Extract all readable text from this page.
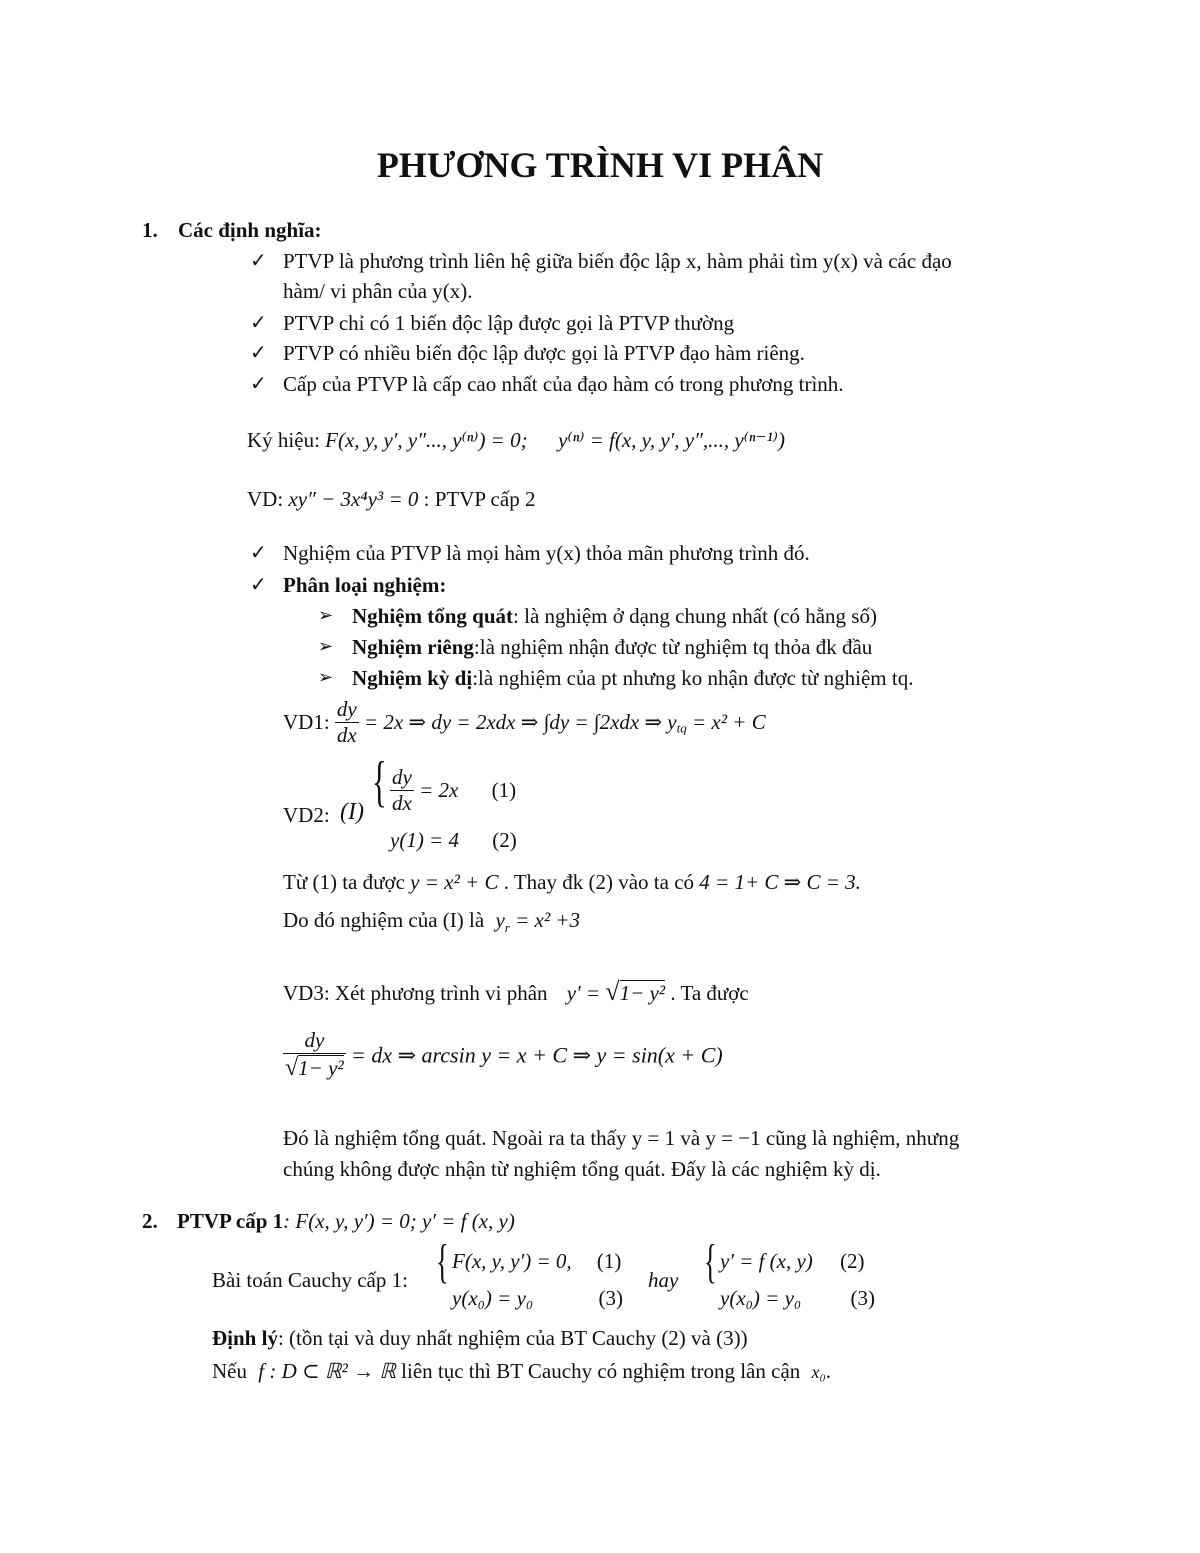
PHƯƠNG TRÌNH VI PHÂN
1. Các định nghĩa:
✓ PTVP là phương trình liên hệ giữa biến độc lập x, hàm phải tìm y(x) và các đạo
hàm/ vi phân của y(x).
✓ PTVP chỉ có 1 biến độc lập được gọi là PTVP thường
✓ PTVP có nhiều biến độc lập được gọi là PTVP đạo hàm riêng.
✓ Cấp của PTVP là cấp cao nhất của đạo hàm có trong phương trình.
Ký hiệu: F(x, y, y′, y″..., y⁽ⁿ⁾) = 0; y⁽ⁿ⁾ = f(x, y, y′, y″,..., y⁽ⁿ⁻¹⁾)
VD: xy″ − 3x⁴y³ = 0 : PTVP cấp 2
✓ Nghiệm của PTVP là mọi hàm y(x) thỏa mãn phương trình đó.
✓ Phân loại nghiệm:
➢ Nghiệm tổng quát: là nghiệm ở dạng chung nhất (có hằng số)
➢ Nghiệm riêng:là nghiệm nhận được từ nghiệm tq thỏa đk đầu
➢ Nghiệm kỳ dị:là nghiệm của pt nhưng ko nhận được từ nghiệm tq.
VD1: $\frac{dy}{dx} = 2x$ ⇒ dy = 2xdx ⇒ ∫dy = ∫2xdx ⇒ $y_{tq} = x^2 + C$
VD2: (I) { $\frac{dy}{dx} = 2x$ (1)
y(1) = 4 (2)
Từ (1) ta được y = x² + C . Thay đk (2) vào ta có 4 = 1+ C ⇒ C = 3.
Do đó nghiệm của (I) là $y_r = x^2 +3$
VD3: Xét phương trình vi phân y' = √1− y² . Ta được
$\frac{dy}{\text{√1− y²}}$ = dx ⇒ arcsin y = x + C ⇒ y = sin(x + C)
Đó là nghiệm tổng quát. Ngoài ra ta thấy y = 1 và y = −1 cũng là nghiệm, nhưng
chúng không được nhận từ nghiệm tổng quát. Đấy là các nghiệm kỳ dị.
2. PTVP cấp 1: F(x, y, y′) = 0; y′ = f (x, y)
Bài toán Cauchy cấp 1: { F(x, y, y′) = 0, (1)
y(x₀) = y₀	(3)
hay { y′ = f (x, y) (2)
y(x₀) = y₀ (3)
Định lý: (tồn tại và duy nhất nghiệm của BT Cauchy (2) và (3))
Nếu f : D ⊂ ℝ² → ℝ liên tục thì BT Cauchy có nghiệm trong lân cận x₀.
